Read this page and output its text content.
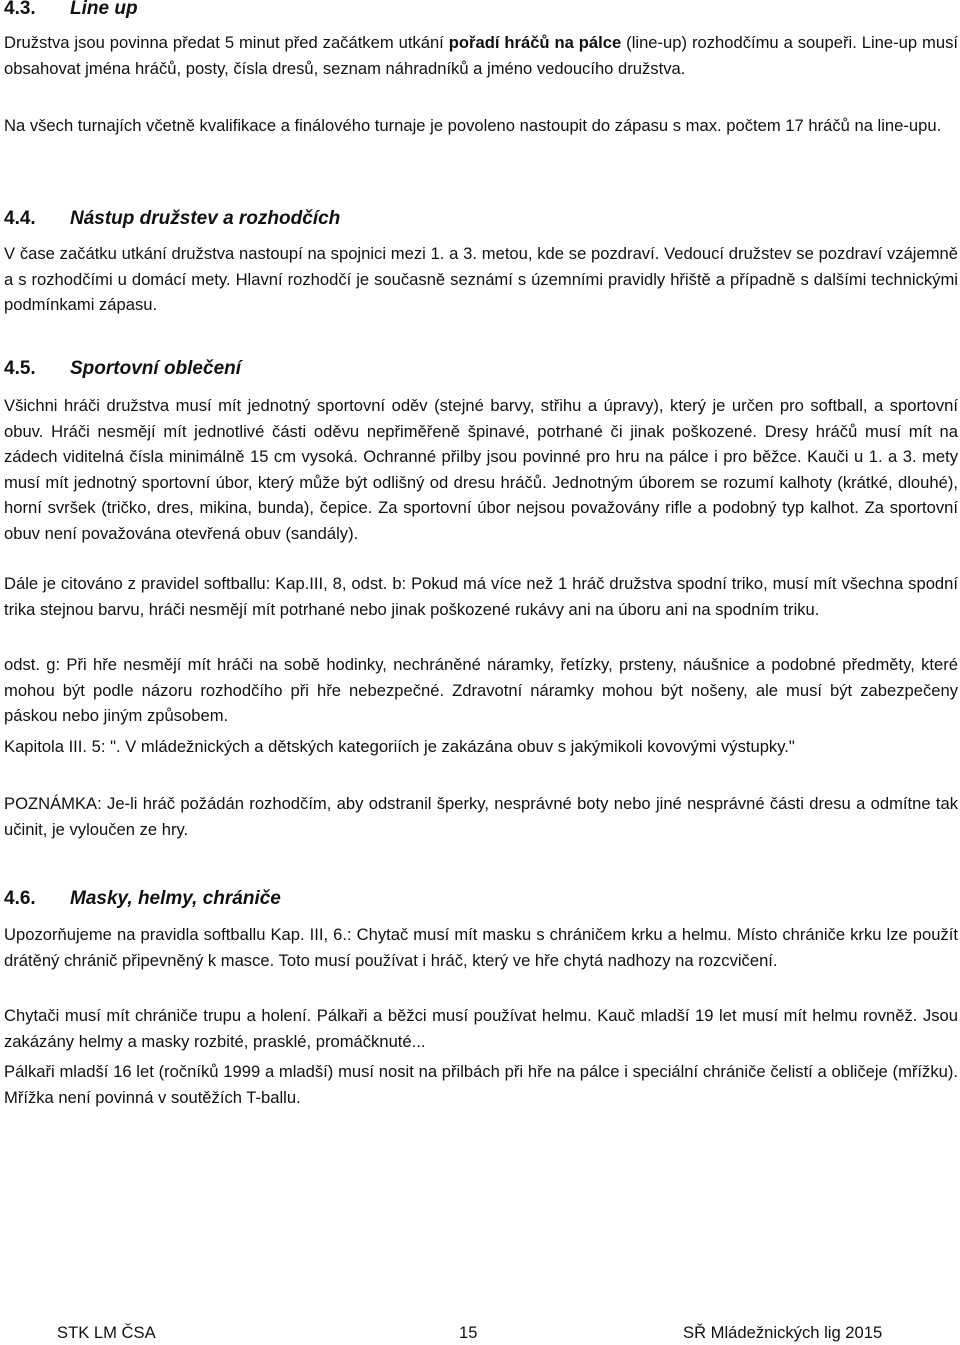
4.3.	Line up

Družstva jsou povinna předat 5 minut před začátkem utkání pořadí hráčů na pálce (line-up) rozhodčímu a soupeři. Line-up musí obsahovat jména hráčů, posty, čísla dresů, seznam náhradníků a jméno vedoucího družstva.

Na všech turnajích včetně kvalifikace a finálového turnaje je povoleno nastoupit do zápasu s max. počtem 17 hráčů na line-upu.

4.4.	Nástup družstev a rozhodčích

V čase začátku utkání družstva nastoupí na spojnici mezi 1. a 3. metou, kde se pozdraví. Vedoucí družstev se pozdraví vzájemně a s rozhodčími u domácí mety. Hlavní rozhodčí je současně seznámí s územními pravidly hřiště a případně s dalšími technickými podmínkami zápasu.

4.5.	Sportovní oblečení

Všichni hráči družstva musí mít jednotný sportovní oděv (stejné barvy, střihu a úpravy), který je určen pro softball, a sportovní obuv. Hráči nesmějí mít jednotlivé části oděvu nepřiměřeně špinavé, potrhané či jinak poškozené. Dresy hráčů musí mít na zádech viditelná čísla minimálně 15 cm vysoká. Ochranné přilby jsou povinné pro hru na pálce i pro běžce. Kauči u 1. a 3. mety musí mít jednotný sportovní úbor, který může být odlišný od dresu hráčů. Jednotným úborem se rozumí kalhoty (krátké, dlouhé), horní svršek (tričko, dres, mikina, bunda), čepice. Za sportovní úbor nejsou považovány rifle a podobný typ kalhot. Za sportovní obuv není považována otevřená obuv (sandály).

Dále je citováno z pravidel softballu: Kap.III, 8, odst. b: Pokud má více než 1 hráč družstva spodní triko, musí mít všechna spodní trika stejnou barvu, hráči nesmějí mít potrhané nebo jinak poškozené rukávy ani na úboru ani na spodním triku.

odst. g: Při hře nesmějí mít hráči na sobě hodinky, nechráněné náramky, řetízky, prsteny, náušnice a podobné předměty, které mohou být podle názoru rozhodčího při hře nebezpečné. Zdravotní náramky mohou být nošeny, ale musí být zabezpečeny páskou nebo jiným způsobem.

Kapitola III. 5: ". V mládežnických a dětských kategoriích je zakázána obuv s jakýmikoli kovovými výstupky."

POZNÁMKA: Je-li hráč požádán rozhodčím, aby odstranil šperky, nesprávné boty nebo jiné nesprávné části dresu a odmítne tak učinit, je vyloučen ze hry.

4.6.	Masky, helmy, chrániče

Upozorňujeme na pravidla softballu Kap. III, 6.: Chytač musí mít masku s chráničem krku a helmu. Místo chrániče krku lze použít drátěný chránič připevněný k masce. Toto musí používat i hráč, který ve hře chytá nadhozy na rozcvičení.

Chytači musí mít chrániče trupu a holení. Pálkaři a běžci musí používat helmu. Kauč mladší 19 let musí mít helmu rovněž. Jsou zakázány helmy a masky rozbité, prasklé, promáčknuté...

Pálkaři mladší 16 let (ročníků 1999 a mladší) musí nosit na přilbách při hře na pálce i speciální chrániče čelistí a obličeje (mřížku). Mřížka není povinná v soutěžích T-ballu.

STK LM ČSA	15	SŘ Mládežnických lig 2015
